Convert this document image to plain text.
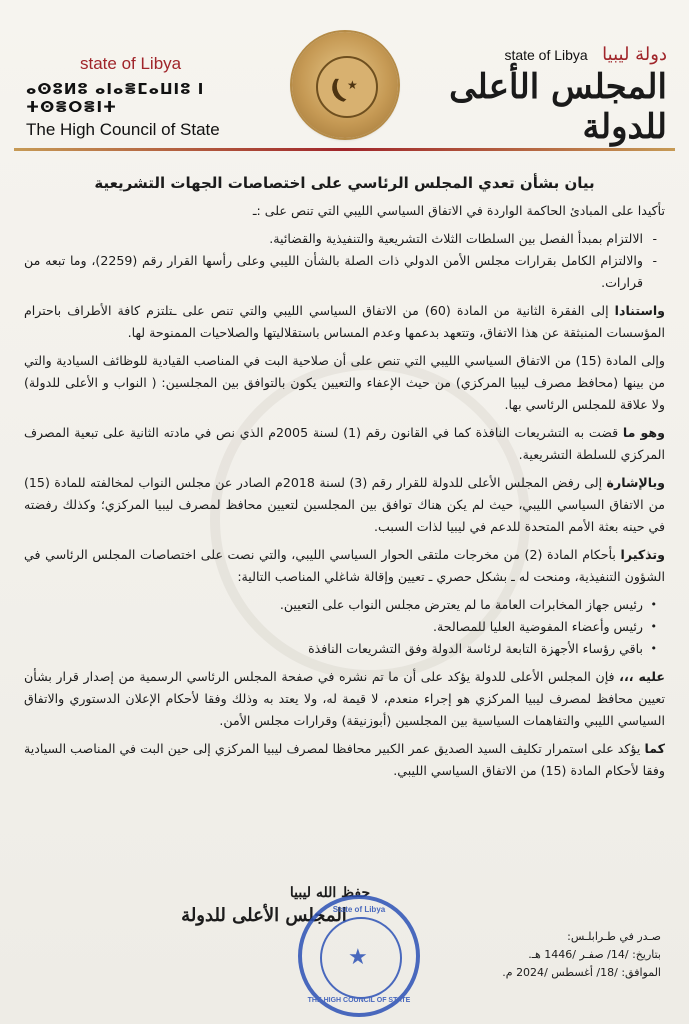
state of Libya
ⴰⵙⵓⵍⵓ ⴰⵏⴰⴻⵎⴰⵡⵏⵓ ⵏ ⵜⵙⴻⵔⴻⵏⵜ
The High Council of State
★
state of Libya دولة ليبيا
المجلس الأعلى للدولة
بيان بشأن تعدي المجلس الرئاسي على اختصاصات الجهات التشريعية

تأكيدا على المبادئ الحاكمة الواردة في الاتفاق السياسي الليبي التي تنص على :ـ

- الالتزام بمبدأ الفصل بين السلطات الثلاث التشريعية والتنفيذية والقضائية.
- والالتزام الكامل بقرارات مجلس الأمن الدولي ذات الصلة بالشأن الليبي وعلى رأسها القرار رقم (2259)، وما تبعه من قرارات.

واستنادا إلى الفقرة الثانية من المادة (60) من الاتفاق السياسي الليبي والتي تنص على ـتلتزم كافة الأطراف باحترام المؤسسات المنبثقة عن هذا الاتفاق، وتتعهد بدعمها وعدم المساس باستقلاليتها والصلاحيات الممنوحة لها.

وإلى المادة (15) من الاتفاق السياسي الليبي التي تنص على أن صلاحية البت في المناصب القيادية للوظائف السيادية والتي من بينها (محافظ مصرف ليبيا المركزي) من حيث الإعفاء والتعيين يكون بالتوافق بين المجلسين: ( النواب و الأعلى للدولة) ولا علاقة للمجلس الرئاسي بها.

وهو ما قضت به التشريعات النافذة كما في القانون رقم (1) لسنة 2005م الذي نص في مادته الثانية على تبعية المصرف المركزي للسلطة التشريعية.

وبالإشارة إلى رفض المجلس الأعلى للدولة للقرار رقم (3) لسنة 2018م الصادر عن مجلس النواب لمخالفته للمادة (15) من الاتفاق السياسي الليبي، حيث لم يكن هناك توافق بين المجلسين لتعيين محافظ لمصرف ليبيا المركزي؛ وكذلك رفضته في حينه بعثة الأمم المتحدة للدعم في ليبيا لذات السبب.

وتذكيرا بأحكام المادة (2) من مخرجات ملتقى الحوار السياسي الليبي، والتي نصت على اختصاصات المجلس الرئاسي في الشؤون التنفيذية، ومنحت له ـ بشكل حصري ـ تعيين وإقالة شاغلي المناصب التالية:

• رئيس جهاز المخابرات العامة ما لم يعترض مجلس النواب على التعيين.
• رئيس وأعضاء المفوضية العليا للمصالحة.
• باقي رؤساء الأجهزة التابعة لرئاسة الدولة وفق التشريعات النافذة

عليه ،،، فإن المجلس الأعلى للدولة يؤكد على أن ما تم نشره في صفحة المجلس الرئاسي الرسمية من إصدار قرار بشأن تعيين محافظ لمصرف ليبيا المركزي هو إجراء منعدم، لا قيمة له، ولا يعتد به وذلك وفقا لأحكام الإعلان الدستوري والاتفاق السياسي الليبي والتفاهمات السياسية بين المجلسين (أبوزنيقة) وقرارات مجلس الأمن.

كما يؤكد على استمرار تكليف السيد الصديق عمر الكبير محافظا لمصرف ليبيا المركزي إلى حين البت في المناصب السيادية وفقا لأحكام المادة (15) من الاتفاق السياسي الليبي.

حفظ الله ليبيا
المجلس الأعلى للدولة
State of Libya
★
THE HIGH COUNCIL OF STATE
صـدر في طـرابلـس:
بتاريخ: /14/ صفـر /1446 هـ.
الموافق: /18/ أغسطس /2024 م.
